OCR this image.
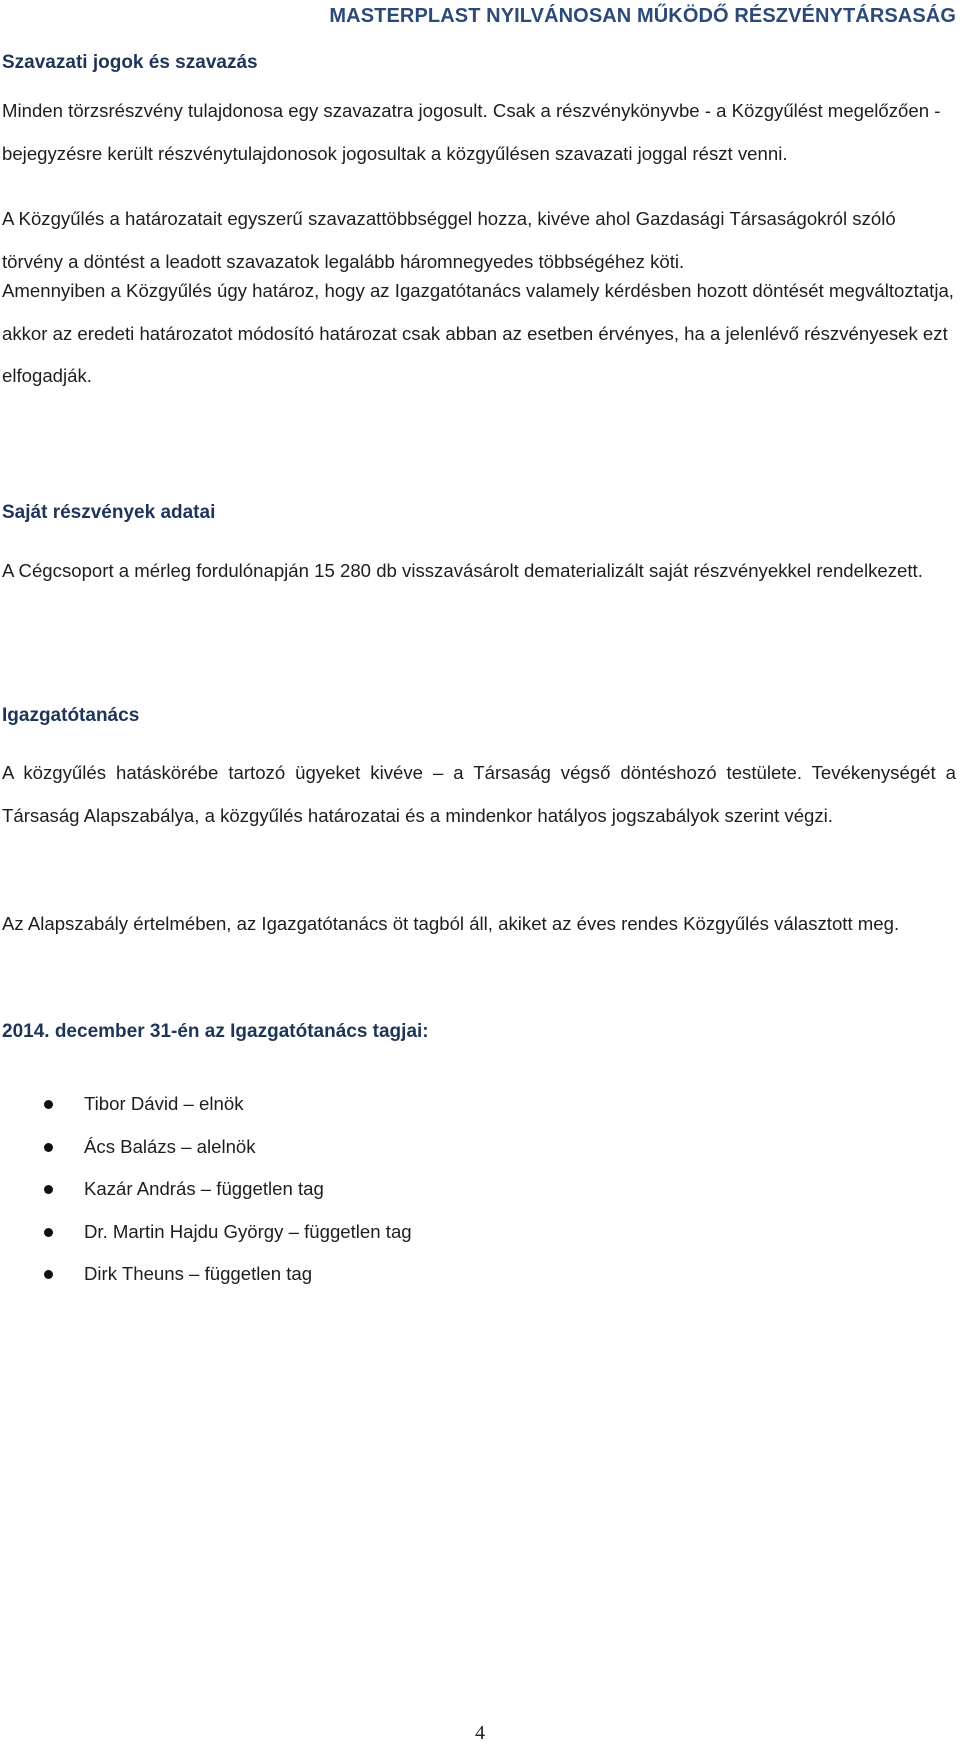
MASTERPLAST NYILVÁNOSAN MŰKÖDŐ RÉSZVÉNYTÁRSASÁG
Szavazati jogok és szavazás
Minden törzsrészvény tulajdonosa egy szavazatra jogosult. Csak a részvénykönyvbe - a Közgyűlést megelőzően - bejegyzésre került részvénytulajdonosok jogosultak a közgyűlésen szavazati joggal részt venni.
A Közgyűlés a határozatait egyszerű szavazattöbbséggel hozza, kivéve ahol Gazdasági Társaságokról szóló törvény a döntést a leadott szavazatok legalább háromnegyedes többségéhez köti.
Amennyiben a Közgyűlés úgy határoz, hogy az Igazgatótanács valamely kérdésben hozott döntését megváltoztatja, akkor az eredeti határozatot módosító határozat csak abban az esetben érvényes, ha a jelenlévő részvényesek ezt elfogadják.
Saját részvények adatai
A Cégcsoport a mérleg fordulónapján 15 280 db visszavásárolt dematerializált saját részvényekkel rendelkezett.
Igazgatótanács
A közgyűlés hatáskörébe tartozó ügyeket kivéve – a Társaság végső döntéshozó testülete. Tevékenységét a Társaság Alapszabálya, a közgyűlés határozatai és a mindenkor hatályos jogszabályok szerint végzi.
Az Alapszabály értelmében, az Igazgatótanács öt tagból áll, akiket az éves rendes Közgyűlés választott meg.
2014. december 31-én az Igazgatótanács tagjai:
Tibor Dávid – elnök
Ács Balázs – alelnök
Kazár András – független tag
Dr. Martin Hajdu György – független tag
Dirk Theuns – független tag
4
